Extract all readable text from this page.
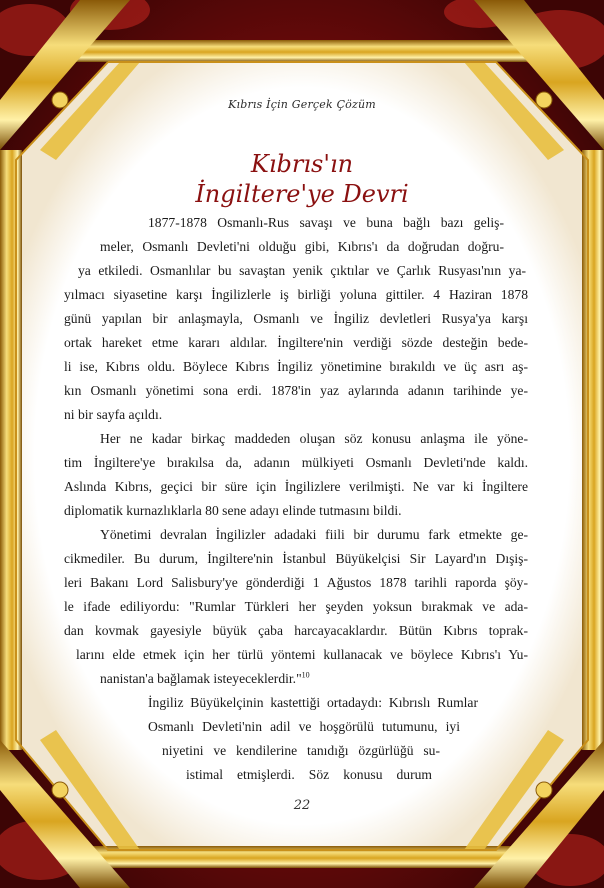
Kıbrıs İçin Gerçek Çözüm
Kıbrıs'ın
İngiltere'ye Devri
1877-1878 Osmanlı-Rus savaşı ve buna bağlı bazı geliş-
meler, Osmanlı Devleti'ni olduğu gibi, Kıbrıs'ı da doğrudan doğru-
ya etkiledi. Osmanlılar bu savaştan yenik çıktılar ve Çarlık Rusyası'nın ya-
yılmacı siyasetine karşı İngilizlerle iş birliği yoluna gittiler. 4 Haziran 1878
günü yapılan bir anlaşmayla, Osmanlı ve İngiliz devletleri Rusya'ya karşı
ortak hareket etme kararı aldılar. İngiltere'nin verdiği sözde desteğin bede-
li ise, Kıbrıs oldu. Böylece Kıbrıs İngiliz yönetimine bırakıldı ve üç asrı aş-
kın Osmanlı yönetimi sona erdi. 1878'in yaz aylarında adanın tarihinde ye-
ni bir sayfa açıldı.
Her ne kadar birkaç maddeden oluşan söz konusu anlaşma ile yöne-
tim İngiltere'ye bırakılsa da, adanın mülkiyeti Osmanlı Devleti'nde kaldı.
Aslında Kıbrıs, geçici bir süre için İngilizlere verilmişti. Ne var ki İngiltere
diplomatik kurnazlıklarla 80 sene adayı elinde tutmasını bildi.
Yönetimi devralan İngilizler adadaki fiili bir durumu fark etmekte ge-
cikmediler. Bu durum, İngiltere'nin İstanbul Büyükelçisi Sir Layard'ın Dışiş-
leri Bakanı Lord Salisbury'ye gönderdiği 1 Ağustos 1878 tarihli raporda şöy-
le ifade ediliyordu: "Rumlar Türkleri her şeyden yoksun bırakmak ve ada-
dan kovmak gayesiyle büyük çaba harcayacaklardır. Bütün Kıbrıs toprak-
larını elde etmek için her türlü yöntemi kullanacak ve böylece Kıbrıs'ı Yu-
nanistan'a bağlamak isteyeceklerdir."$^{10}$
İngiliz Büyükelçinin kastettiği ortadaydı: Kıbrıslı Rumlar
Osmanlı Devleti'nin adil ve hoşgörülü tutumunu, iyi
niyetini ve kendilerine tanıdığı özgürlüğü su-
istimal etmişlerdi. Söz konusu durum
22
